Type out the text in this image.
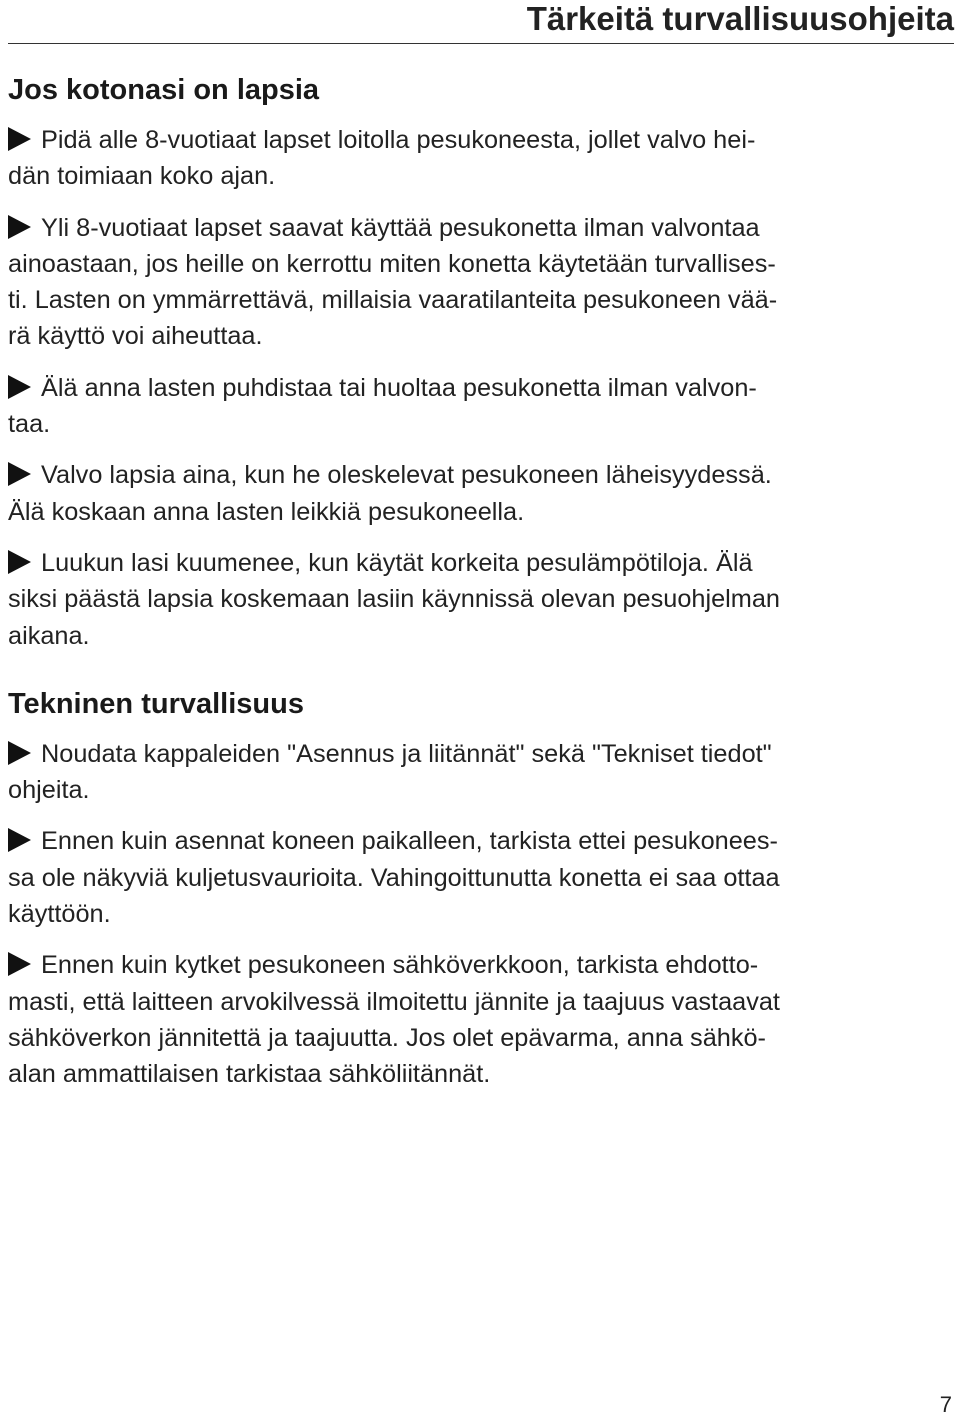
Tärkeitä turvallisuusohjeita
Jos kotonasi on lapsia

Pidä alle 8-vuotiaat lapset loitolla pesukoneesta, jollet valvo hei-
dän toimiaan koko ajan.

Yli 8-vuotiaat lapset saavat käyttää pesukonetta ilman valvontaa
ainoastaan, jos heille on kerrottu miten konetta käytetään turvallises-
ti. Lasten on ymmärrettävä, millaisia vaaratilanteita pesukoneen vää-
rä käyttö voi aiheuttaa.

Älä anna lasten puhdistaa tai huoltaa pesukonetta ilman valvon-
taa.

Valvo lapsia aina, kun he oleskelevat pesukoneen läheisyydessä.
Älä koskaan anna lasten leikkiä pesukoneella.

Luukun lasi kuumenee, kun käytät korkeita pesulämpötiloja. Älä
siksi päästä lapsia koskemaan lasiin käynnissä olevan pesuohjelman
aikana.

Tekninen turvallisuus

Noudata kappaleiden "Asennus ja liitännät" sekä "Tekniset tiedot"
ohjeita.

Ennen kuin asennat koneen paikalleen, tarkista ettei pesukonees-
sa ole näkyviä kuljetusvaurioita. Vahingoittunutta konetta ei saa ottaa
käyttöön.

Ennen kuin kytket pesukoneen sähköverkkoon, tarkista ehdotto-
masti, että laitteen arvokilvessä ilmoitettu jännite ja taajuus vastaavat
sähköverkon jännitettä ja taajuutta. Jos olet epävarma, anna sähkö-
alan ammattilaisen tarkistaa sähköliitännät.

7
